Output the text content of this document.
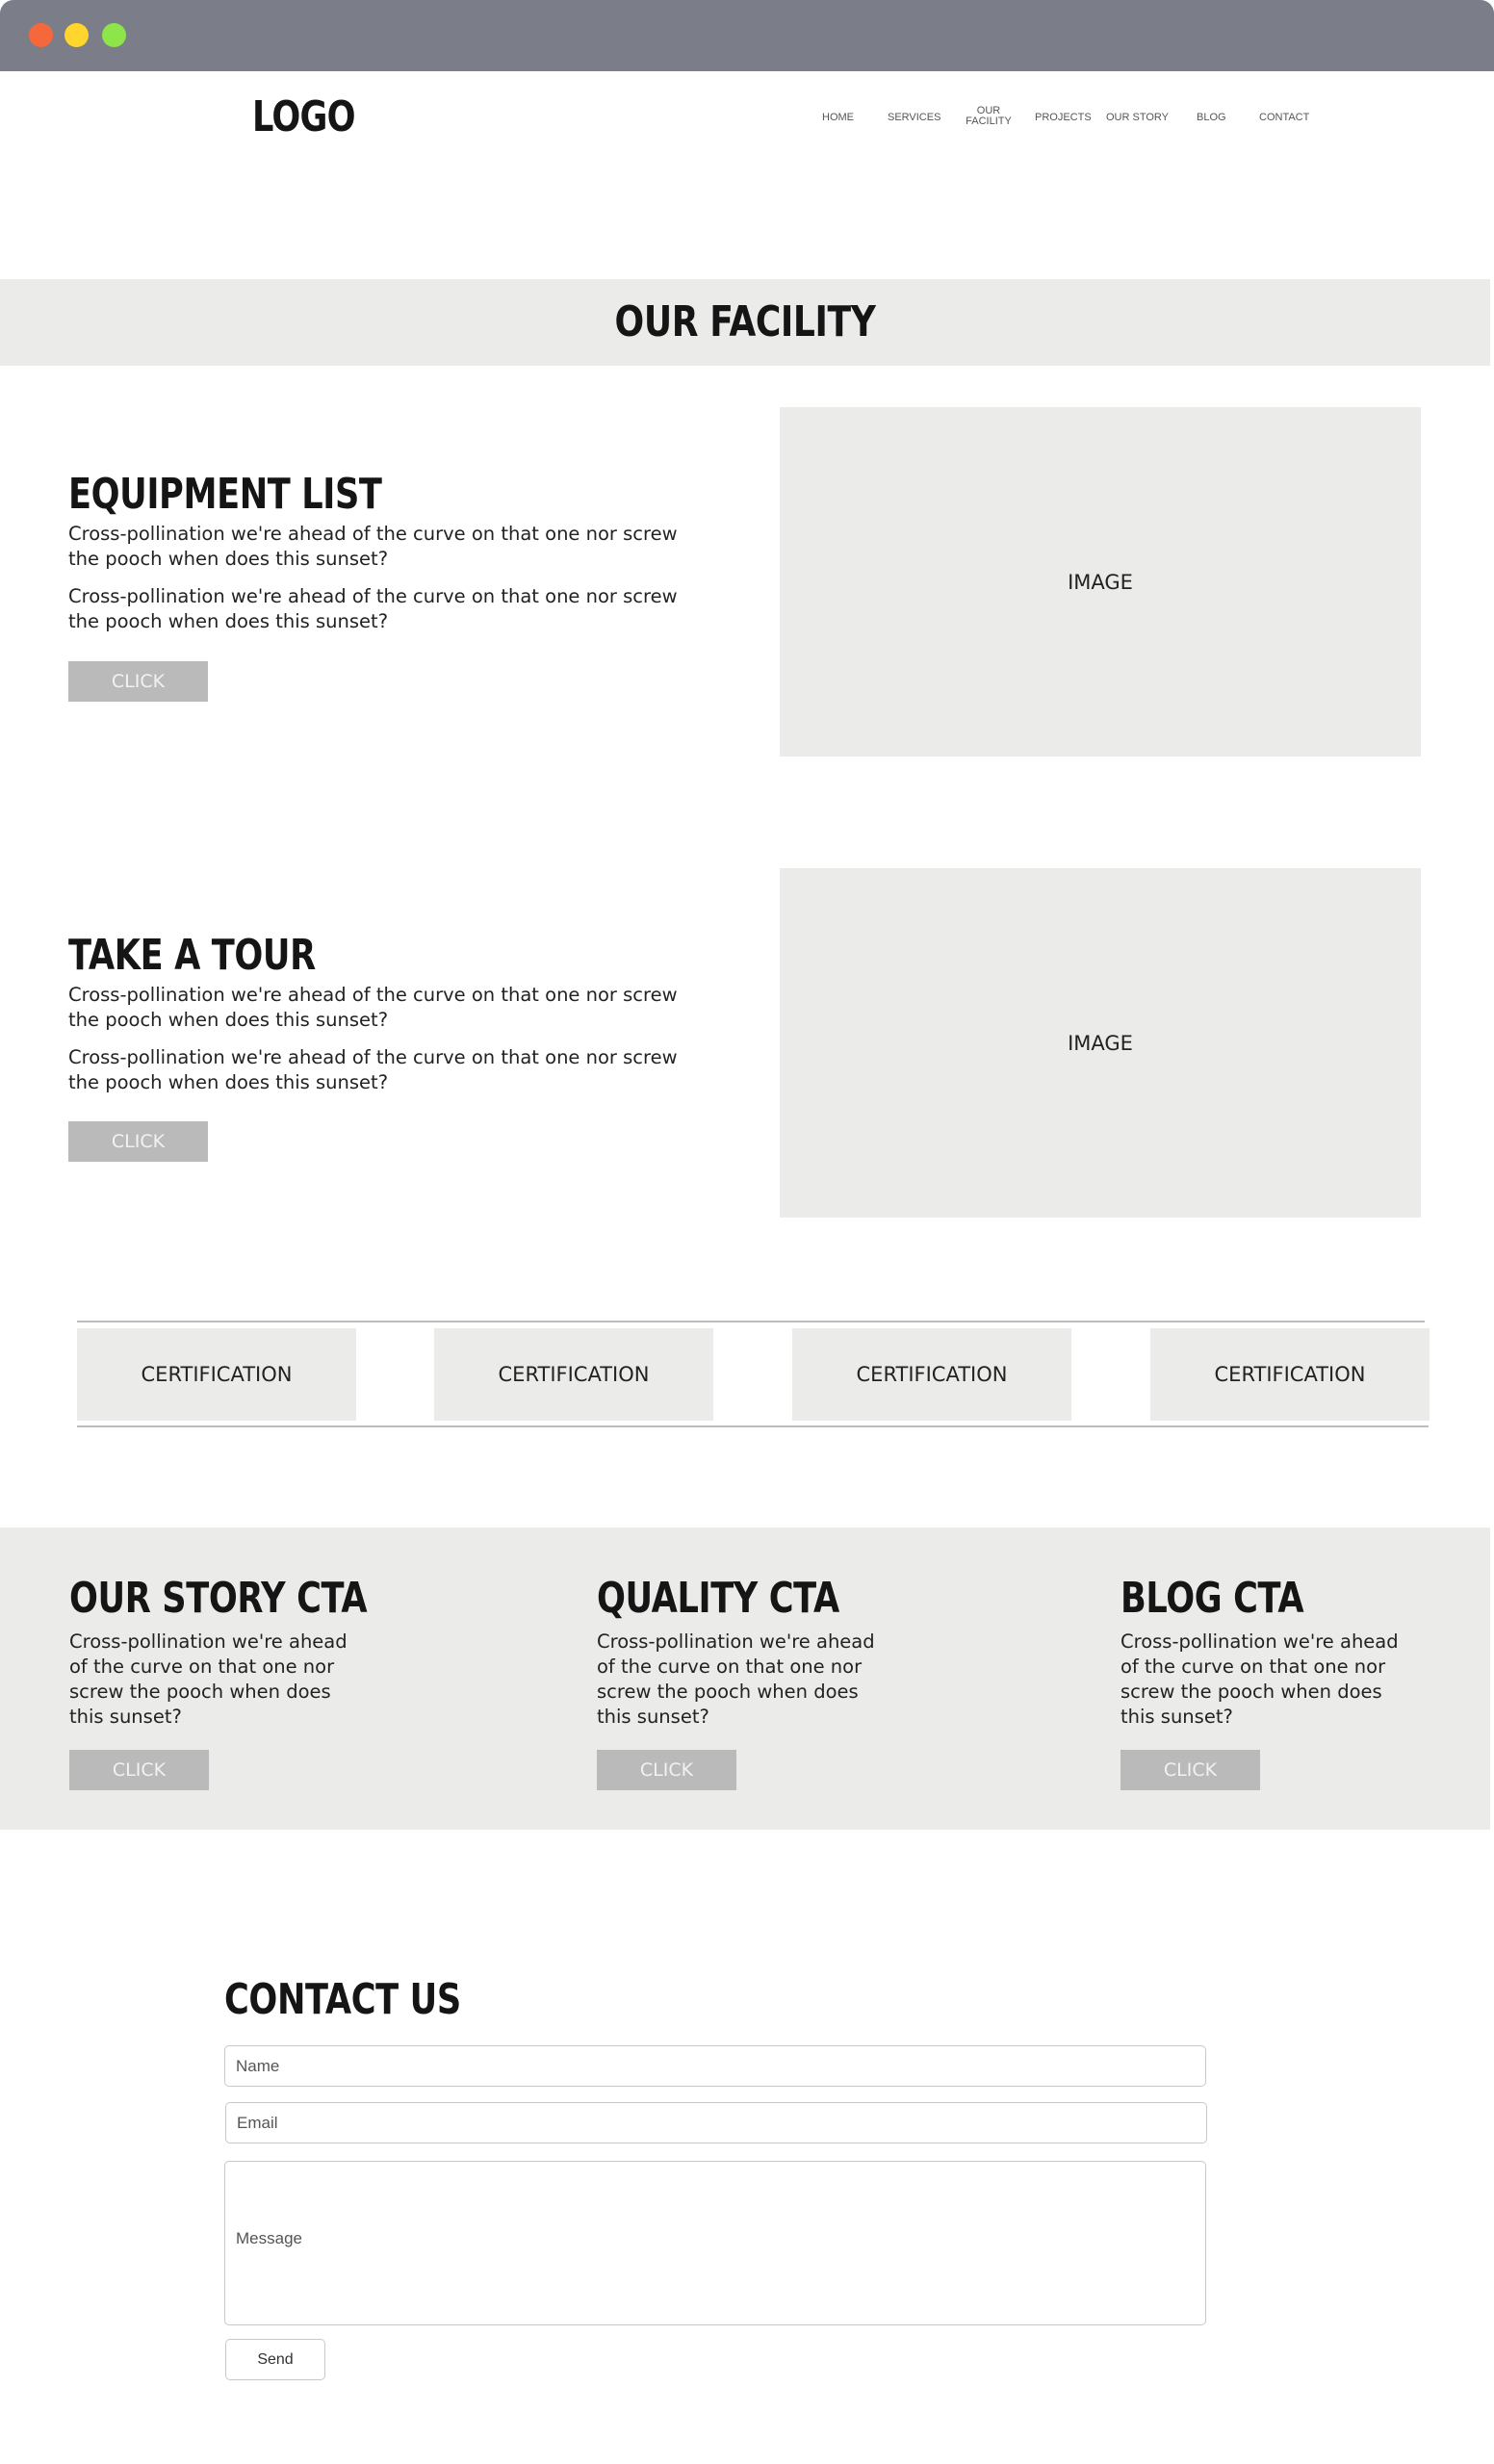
LOGO	HOME	SERVICES
OUR FACILITY PROJECTS OUR STORY	BLOG	CONTACT
OUR FACILITY
EQUIPMENT LIST

Cross-pollination we're ahead of the curve on that one nor screw the pooch when does this sunset?

Cross-pollination we're ahead of the curve on that one nor screw the pooch when does this sunset?

CLICK
IMAGE
TAKE A TOUR

Cross-pollination we're ahead of the curve on that one nor screw the pooch when does this sunset?

Cross-pollination we're ahead of the curve on that one nor screw the pooch when does this sunset?

CLICK
IMAGE
CERTIFICATION	CERTIFICATION	CERTIFICATION	CERTIFICATION
OUR STORY CTA

Cross-pollination we're ahead of the curve on that one nor screw the pooch when does this sunset?

CLICK
QUALITY CTA

Cross-pollination we're ahead of the curve on that one nor screw the pooch when does this sunset?

CLICK
BLOG CTA

Cross-pollination we're ahead of the curve on that one nor screw the pooch when does this sunset?

CLICK
CONTACT US
Name
Email
Message
Send
